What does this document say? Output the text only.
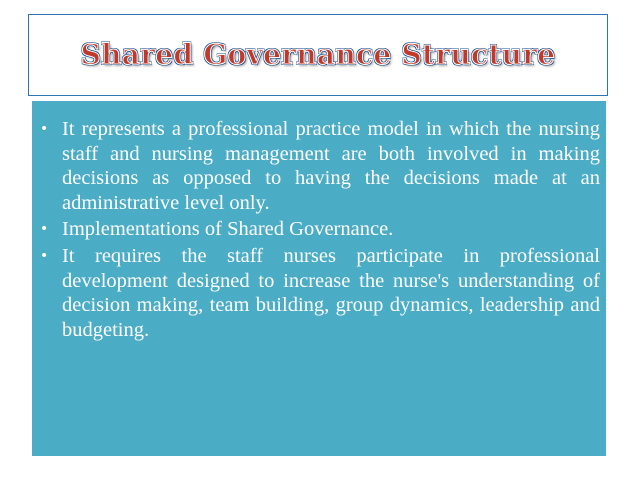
Shared Governance Structure
• It represents a professional practice model in which the nursing staff and nursing management are both involved in making decisions as opposed to having the decisions made at an administrative level only.
• Implementations of Shared Governance.
• It requires the staff nurses participate in professional development designed to increase the nurse's understanding of decision making, team building, group dynamics, leadership and budgeting.
